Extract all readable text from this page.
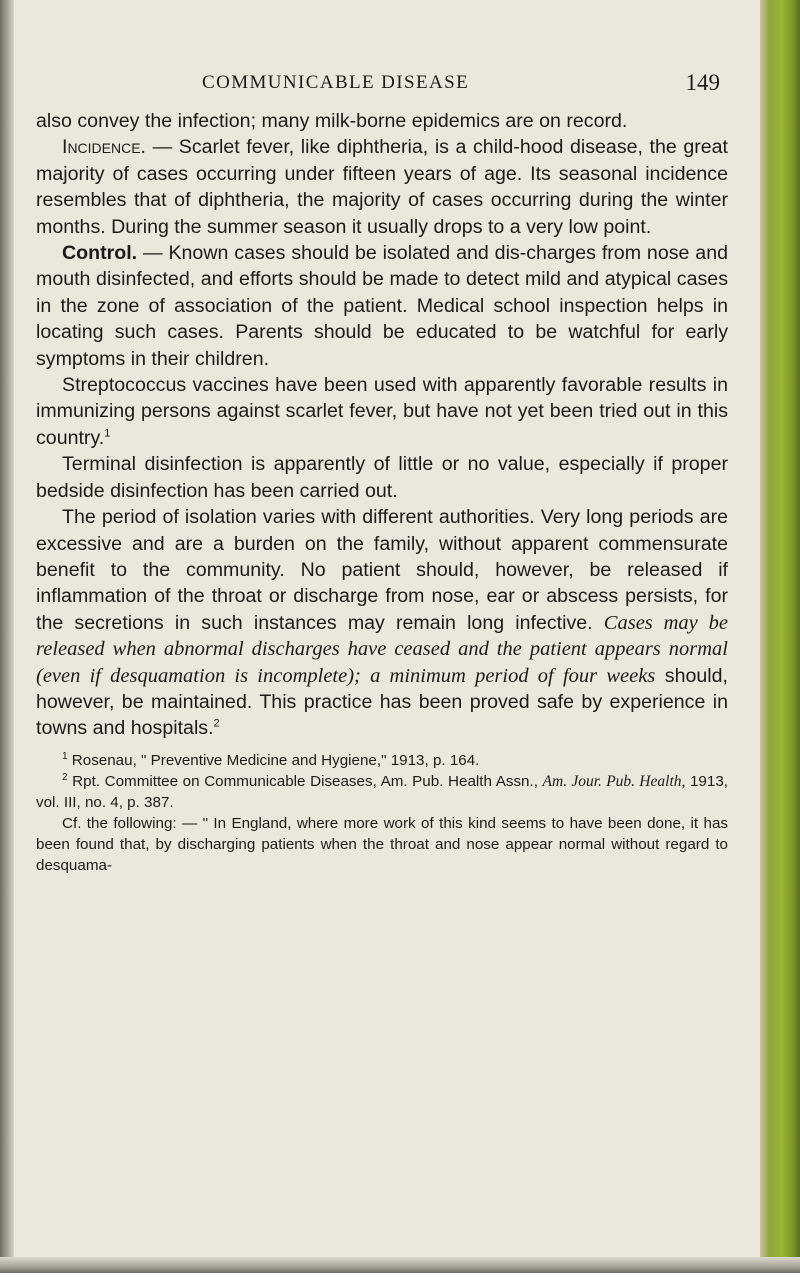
COMMUNICABLE DISEASE	149

also convey the infection; many milk-borne epidemics are on record.

Incidence. — Scarlet fever, like diphtheria, is a child-hood disease, the great majority of cases occurring under fifteen years of age. Its seasonal incidence resembles that of diphtheria, the majority of cases occurring during the winter months. During the summer season it usually drops to a very low point.

Control. — Known cases should be isolated and dis-charges from nose and mouth disinfected, and efforts should be made to detect mild and atypical cases in the zone of association of the patient. Medical school inspection helps in locating such cases. Parents should be educated to be watchful for early symptoms in their children.

Streptococcus vaccines have been used with apparently favorable results in immunizing persons against scarlet fever, but have not yet been tried out in this country.$^1$

Terminal disinfection is apparently of little or no value, especially if proper bedside disinfection has been carried out.

The period of isolation varies with different authorities. Very long periods are excessive and are a burden on the family, without apparent commensurate benefit to the community. No patient should, however, be released if inflammation of the throat or discharge from nose, ear or abscess persists, for the secretions in such instances may remain long infective. Cases may be released when abnormal discharges have ceased and the patient appears normal (even if desquamation is incomplete); a minimum period of four weeks should, however, be maintained. This practice has been proved safe by experience in towns and hospitals.$^2$

$^1$ Rosenau, " Preventive Medicine and Hygiene," 1913, p. 164.

$^2$ Rpt. Committee on Communicable Diseases, Am. Pub. Health Assn., Am. Jour. Pub. Health, 1913, vol. III, no. 4, p. 387.

Cf. the following: — " In England, where more work of this kind seems to have been done, it has been found that, by discharging patients when the throat and nose appear normal without regard to desquama-
